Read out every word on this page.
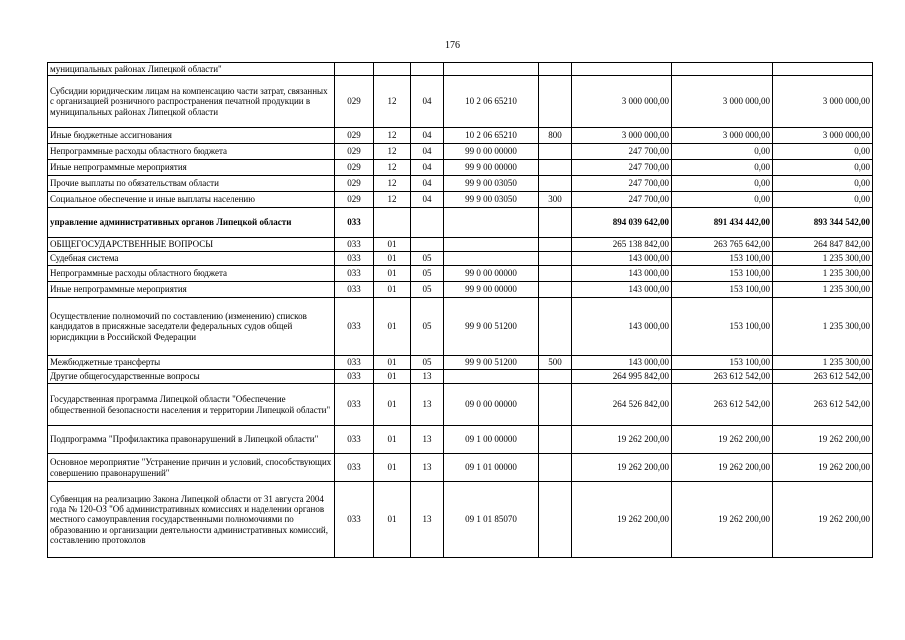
176
муниципальных районах Липецкой области"								
Субсидии юридическим лицам на компенсацию части затрат, связанных с организацией розничного распространения печатной продукции в муниципальных районах Липецкой области	029	12	04	10 2 06 65210		3 000 000,00	3 000 000,00	3 000 000,00
Иные бюджетные ассигнования	029	12	04	10 2 06 65210	800	3 000 000,00	3 000 000,00	3 000 000,00
Непрограммные расходы областного бюджета	029	12	04	99 0 00 00000		247 700,00	0,00	0,00
Иные непрограммные мероприятия	029	12	04	99 9 00 00000		247 700,00	0,00	0,00
Прочие выплаты по обязательствам области	029	12	04	99 9 00 03050		247 700,00	0,00	0,00
Социальное обеспечение и иные выплаты населению	029	12	04	99 9 00 03050	300	247 700,00	0,00	0,00
управление административных органов Липецкой области	033					894 039 642,00	891 434 442,00	893 344 542,00
ОБЩЕГОСУДАРСТВЕННЫЕ ВОПРОСЫ	033	01				265 138 842,00	263 765 642,00	264 847 842,00
Судебная система	033	01	05			143 000,00	153 100,00	1 235 300,00
Непрограммные расходы областного бюджета	033	01	05	99 0 00 00000		143 000,00	153 100,00	1 235 300,00
Иные непрограммные мероприятия	033	01	05	99 9 00 00000		143 000,00	153 100,00	1 235 300,00
Осуществление полномочий по составлению (изменению) списков кандидатов в присяжные заседатели федеральных судов общей юрисдикции в Российской Федерации	033	01	05	99 9 00 51200		143 000,00	153 100,00	1 235 300,00
Межбюджетные трансферты	033	01	05	99 9 00 51200	500	143 000,00	153 100,00	1 235 300,00
Другие общегосударственные вопросы	033	01	13			264 995 842,00	263 612 542,00	263 612 542,00
Государственная программа Липецкой области "Обеспечение общественной безопасности населения и территории Липецкой области"	033	01	13	09 0 00 00000		264 526 842,00	263 612 542,00	263 612 542,00
Подпрограмма "Профилактика правонарушений в Липецкой области"	033	01	13	09 1 00 00000		19 262 200,00	19 262 200,00	19 262 200,00
Основное мероприятие "Устранение причин и условий, способствующих совершению правонарушений"	033	01	13	09 1 01 00000		19 262 200,00	19 262 200,00	19 262 200,00
Субвенция на реализацию Закона Липецкой области от 31 августа 2004 года № 120-ОЗ "Об административных комиссиях и наделении органов местного самоуправления государственными полномочиями по образованию и организации деятельности административных комиссий, составлению протоколов	033	01	13	09 1 01 85070		19 262 200,00	19 262 200,00	19 262 200,00
